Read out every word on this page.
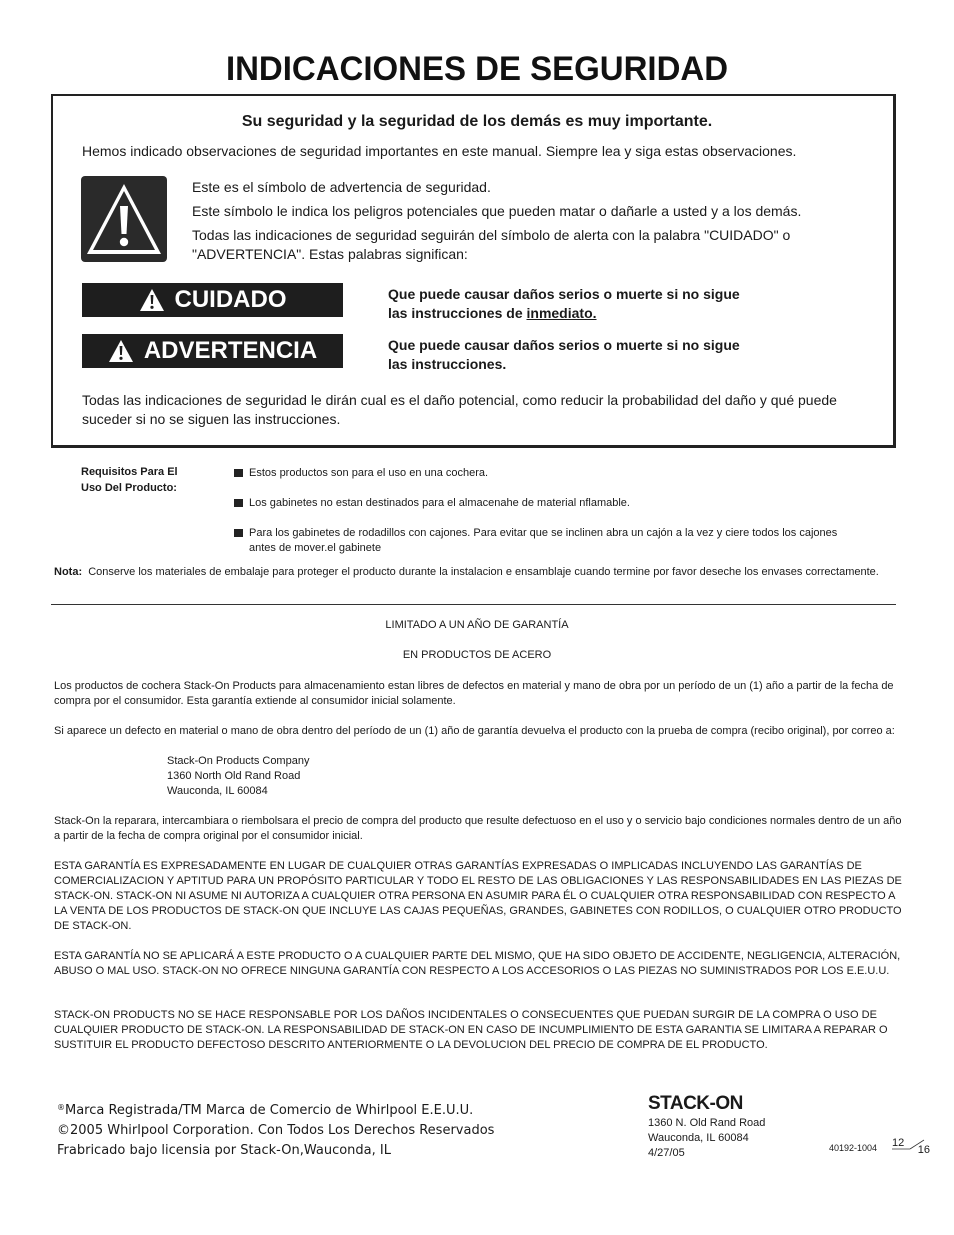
INDICACIONES DE SEGURIDAD
Su seguridad y la seguridad de los demás es muy importante.
Hemos indicado observaciones de seguridad importantes en este manual. Siempre lea y siga estas observaciones.
Este es el símbolo de advertencia de seguridad.
Este símbolo le indica los peligros potenciales que pueden matar o dañarle a usted y a los demás.
Todas las indicaciones de seguridad seguirán del símbolo de alerta con la palabra "CUIDADO" o "ADVERTENCIA". Estas palabras significan:
CUIDADO	Que puede causar daños serios o muerte si no sigue
las instrucciones de inmediato.
ADVERTENCIA	Que puede causar daños serios o muerte si no sigue
las instrucciones.
Todas las indicaciones de seguridad le dirán cual es el daño potencial, como reducir la probabilidad del daño y qué puede suceder si no se siguen las instrucciones.
Requisitos Para El
Uso Del Producto:
Estos productos son para el uso en una cochera.
Los gabinetes no estan destinados para el almacenahe de material nflamable.
Para los gabinetes de rodadillos con cajones. Para evitar que se inclinen abra un cajón a la vez y ciere todos los cajones antes de mover.el gabinete
Nota:  Conserve los materiales de embalaje para proteger el producto durante la instalacion e ensamblaje cuando termine por favor deseche los envases correctamente.
LIMITADO A UN AÑO DE GARANTÍA
EN PRODUCTOS DE ACERO
Los productos de cochera Stack-On Products para almacenamiento estan libres de defectos en material y mano de obra por un período de un (1) año a partir de la fecha de compra por el consumidor. Esta garantía extiende al consumidor inicial solamente.
Si aparece un defecto en material o mano de obra dentro del período de un (1) año de garantía devuelva el producto con la prueba de compra (recibo original), por correo a:
Stack-On Products Company
1360 North Old Rand Road
Wauconda, IL 60084
Stack-On la reparara, intercambiara o riembolsara el precio de compra del producto que resulte defectuoso en el uso y o servicio bajo condiciones normales dentro de un año a partir de la fecha de compra original por el consumidor inicial.
ESTA GARANTÍA ES EXPRESADAMENTE EN LUGAR DE CUALQUIER OTRAS GARANTÍAS EXPRESADAS O IMPLICADAS INCLUYENDO LAS GARANTÍAS DE COMERCIALIZACION Y APTITUD PARA UN PROPÓSITO PARTICULAR Y TODO EL RESTO DE LAS OBLIGACIONES Y LAS RESPONSABILIDADES EN LAS PIEZAS DE STACK-ON. STACK-ON NI ASUME NI AUTORIZA A CUALQUIER OTRA PERSONA EN ASUMIR PARA ÉL O CUALQUIER OTRA RESPONSABILIDAD CON RESPECTO A LA VENTA DE LOS PRODUCTOS DE STACK-ON QUE INCLUYE LAS CAJAS PEQUEÑAS, GRANDES, GABINETES CON RODILLOS, O CUALQUIER OTRO PRODUCTO DE STACK-ON.
ESTA GARANTÍA NO SE APLICARÁ A ESTE PRODUCTO O A CUALQUIER PARTE DEL MISMO, QUE HA SIDO OBJETO DE ACCIDENTE, NEGLIGENCIA, ALTERACIÓN, ABUSO O MAL USO. STACK-ON NO OFRECE NINGUNA GARANTÍA CON RESPECTO A LOS ACCESORIOS O LAS PIEZAS NO SUMINISTRADOS POR LOS E.E.U.U.
STACK-ON PRODUCTS NO SE HACE RESPONSABLE POR LOS DAÑOS INCIDENTALES O CONSECUENTES QUE PUEDAN SURGIR DE LA COMPRA O USO DE CUALQUIER PRODUCTO DE STACK-ON. LA RESPONSABILIDAD DE STACK-ON EN CASO DE INCUMPLIMIENTO DE ESTA GARANTIA SE LIMITARA A REPARAR O SUSTITUIR EL PRODUCTO DEFECTOSO DESCRITO ANTERIORMENTE O LA DEVOLUCION DEL PRECIO DE COMPRA DE EL PRODUCTO.
®Marca Registrada/TM Marca de Comercio de Whirlpool E.E.U.U.
©2005 Whirlpool Corporation. Con Todos Los Derechos Reservados
Frabricado bajo licensia por Stack-On,Wauconda, IL
STACK-ON
1360 N. Old Rand Road
Wauconda, IL 60084
4/27/05	40192-1004 12
16
